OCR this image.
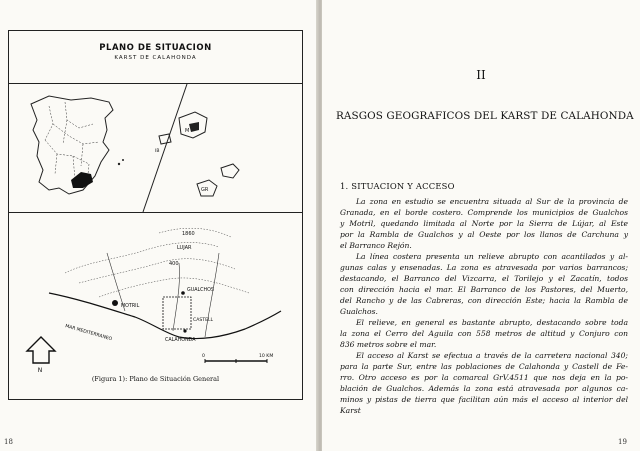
PLANO DE SITUACION
KARST DE CALAHONDA
M
IB
GR
1860
400
LUJAR
GUALCHOS
MOTRIL
CASTELL
CALAHONDA
MAR MEDITERRANEO
N
0	10 KM
(Figura 1): Plano de Situación General
18
II
RASGOS GEOGRAFICOS DEL KARST DE CALAHONDA
1. SITUACION Y ACCESO
La zona en estudio se encuentra situada al Sur de la provincia de
Granada, en el borde costero. Comprende los municipios de Gualchos
y Motril, quedando limitada al Norte por la Sierra de Lújar, al Este
por la Rambla de Gualchos y al Oeste por los llanos de Carchuna y
el Barranco Rejón.
La línea costera presenta un relieve abrupto con acantilados y al-
gunas calas y ensenadas. La zona es atravesada por varios barrancos;
destacando, el Barranco del Vizcarra, el Torilejo y el Zacatín, todos
con dirección hacia el mar. El Barranco de los Pastores, del Muerto,
del Rancho y de las Cabreras, con dirección Este; hacia la Rambla de
Gualchos.
El relieve, en general es bastante abrupto, destacando sobre toda
la zona el Cerro del Aguila con 558 metros de altitud y Conjuro con
836 metros sobre el mar.
El acceso al Karst se efectua a través de la carretera nacional 340;
para la parte Sur, entre las poblaciones de Calahonda y Castell de Fe-
rro. Otro acceso es por la comarcal GrV.4511 que nos deja en la po-
blación de Gualchos. Además la zona está atravesada por algunos ca-
minos y pistas de tierra que facilitan aún más el acceso al interior del
Karst
19
